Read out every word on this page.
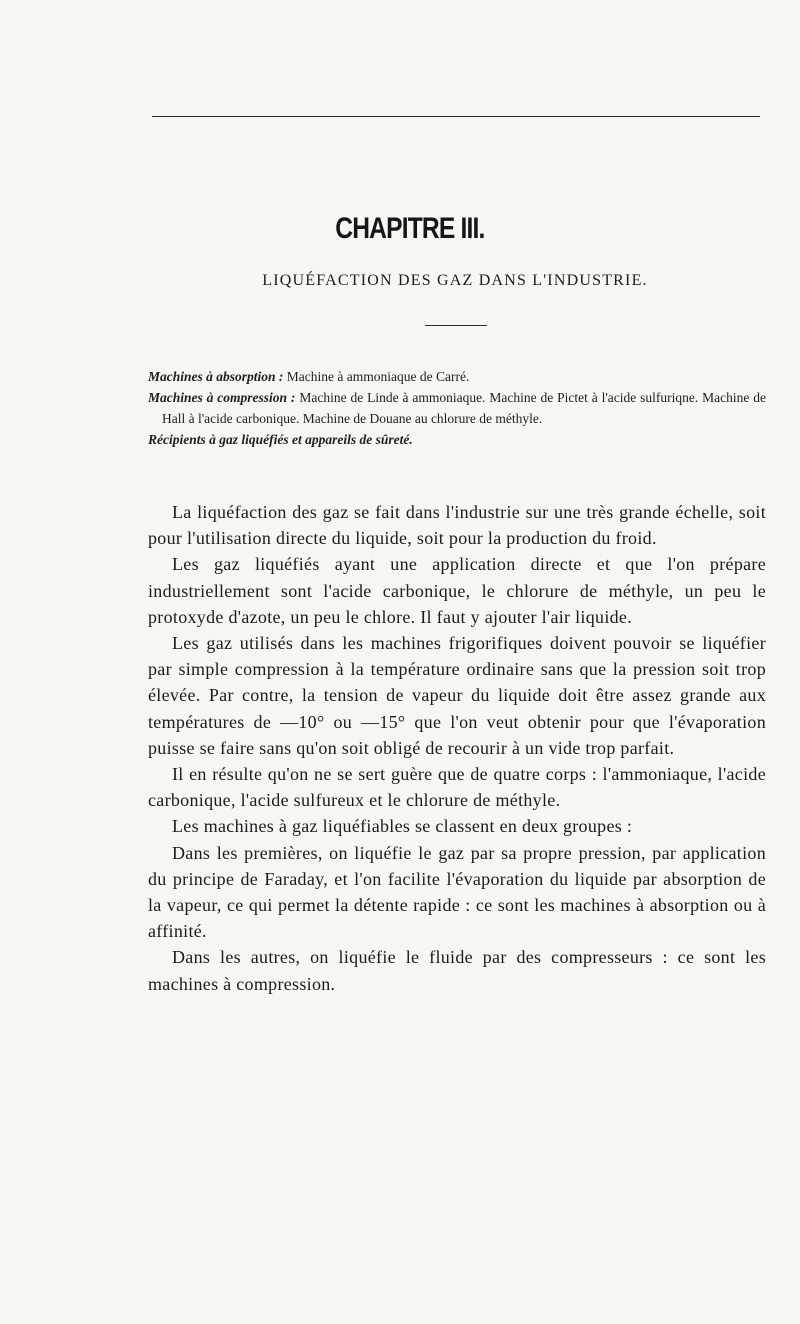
CHAPITRE III.
LIQUÉFACTION DES GAZ DANS L'INDUSTRIE.

Machines à absorption : Machine à ammoniaque de Carré.

Machines à compression : Machine de Linde à ammoniaque. Machine de Pictet à l'acide sulfuriqne. Machine de Hall à l'acide carbonique. Machine de Douane au chlorure de méthyle.

Récipients à gaz liquéfiés et appareils de sûreté.

La liquéfaction des gaz se fait dans l'industrie sur une très grande échelle, soit pour l'utilisation directe du liquide, soit pour la production du froid.

Les gaz liquéfiés ayant une application directe et que l'on prépare industriellement sont l'acide carbonique, le chlorure de méthyle, un peu le protoxyde d'azote, un peu le chlore. Il faut y ajouter l'air liquide.

Les gaz utilisés dans les machines frigorifiques doivent pouvoir se liquéfier par simple compression à la température ordinaire sans que la pression soit trop élevée. Par contre, la tension de vapeur du liquide doit être assez grande aux températures de —10° ou —15° que l'on veut obtenir pour que l'évaporation puisse se faire sans qu'on soit obligé de recourir à un vide trop parfait.

Il en résulte qu'on ne se sert guère que de quatre corps : l'ammoniaque, l'acide carbonique, l'acide sulfureux et le chlorure de méthyle.

Les machines à gaz liquéfiables se classent en deux groupes :

Dans les premières, on liquéfie le gaz par sa propre pression, par application du principe de Faraday, et l'on facilite l'évaporation du liquide par absorption de la vapeur, ce qui permet la détente rapide : ce sont les machines à absorption ou à affinité.

Dans les autres, on liquéfie le fluide par des compresseurs : ce sont les machines à compression.
